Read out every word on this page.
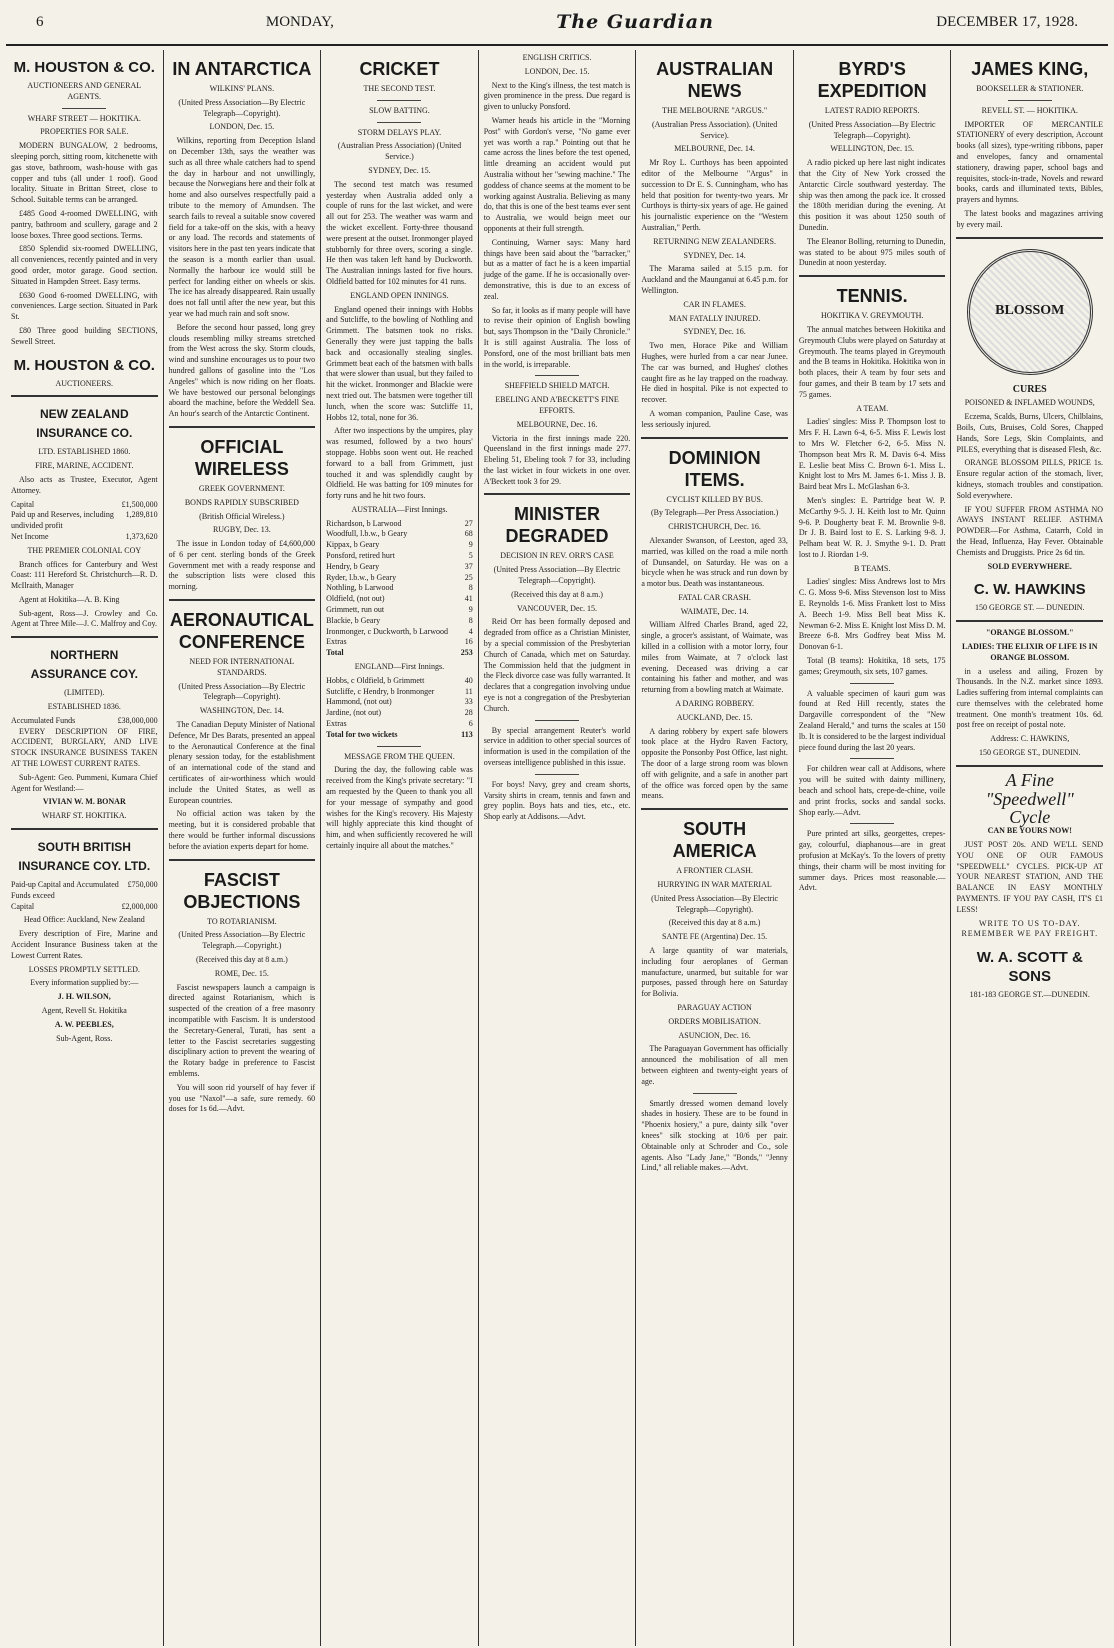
6	MONDAY,	The Guardian	DECEMBER 17, 1928.
M. HOUSTON & CO.
AUCTIONEERS AND GENERAL AGENTS.
WHARF STREET — HOKITIKA.
PROPERTIES FOR SALE.

MODERN BUNGALOW, 2 bedrooms, sleeping porch, sitting room, kitchenette with gas stove, bathroom, wash-house with gas copper and tubs (all under 1 roof). Good locality. Situate in Brittan Street, close to School. Suitable terms can be arranged.

£485 Good 4-roomed DWELLING, with pantry, bathroom and scullery, garage and 2 loose boxes. Three good sections. Terms.

£850 Splendid six-roomed DWELLING, all conveniences, recently painted and in very good order, motor garage. Good section. Situated in Hampden Street. Easy terms.

£630 Good 6-roomed DWELLING, with conveniences. Large section. Situated in Park St.

£80 Three good building SECTIONS, Sewell Street.

M. HOUSTON & CO.
AUCTIONEERS.
NEW ZEALAND INSURANCE CO.
LTD. ESTABLISHED 1860.
FIRE, MARINE, ACCIDENT.

Also acts as Trustee, Executor, Agent Attorney.

Capital	£1,500,000
Paid up and Reserves, including undivided profit
1,289,810
Net Income	1,373,620
THE PREMIER COLONIAL COY

Branch offices for Canterbury and West Coast: 111 Hereford St. Christchurch—R. D. McIlraith, Manager

Agent at Hokitika—A. B. King

Sub-agent, Ross—J. Crowley and Co. Agent at Three Mile—J. C. Malfroy and Coy.

NORTHERN ASSURANCE COY.
(LIMITED).
ESTABLISHED 1836.
Accumulated Funds	£38,000,000

EVERY DESCRIPTION OF FIRE, ACCIDENT, BURGLARY, AND LIVE STOCK INSURANCE BUSINESS TAKEN AT THE LOWEST CURRENT RATES.

Sub-Agent: Geo. Pummeni, Kumara Chief Agent for Westland:—

VIVIAN W. M. BONAR
WHARF ST. HOKITIKA.
SOUTH BRITISH INSURANCE COY. LTD.
Paid-up Capital and Accumulated Funds exceed
£750,000
Capital	£2,000,000
Head Office: Auckland, New Zealand

Every description of Fire, Marine and Accident Insurance Business taken at the Lowest Current Rates.

LOSSES PROMPTLY SETTLED.
Every information supplied by:—
J. H. WILSON,
Agent, Revell St. Hokitika
A. W. PEEBLES,
Sub-Agent, Ross.
IN ANTARCTICA
WILKINS' PLANS.
(United Press Association—By Electric Telegraph—Copyright).
LONDON, Dec. 15.

Wilkins, reporting from Deception Island on December 13th, says the weather was such as all three whale catchers had to spend the day in harbour and not unwillingly, because the Norwegians here and their folk at home and also ourselves respectfully paid a tribute to the memory of Amundsen. The search fails to reveal a suitable snow covered field for a take-off on the skis, with a heavy or any load. The records and statements of visitors here in the past ten years indicate that the season is a month earlier than usual. Normally the harbour ice would still be perfect for landing either on wheels or skis. The ice has already disappeared. Rain usually does not fall until after the new year, but this year we had much rain and soft snow.

Before the second hour passed, long grey clouds resembling milky streams stretched from the West across the sky. Storm clouds, wind and sunshine encourages us to pour two hundred gallons of gasoline into the "Los Angeles" which is now riding on her floats. We have bestowed our personal belongings aboard the machine, before the Weddell Sea. An hour's search of the Antarctic Continent.

OFFICIAL WIRELESS
GREEK GOVERNMENT.
BONDS RAPIDLY SUBSCRIBED
(British Official Wireless.)
RUGBY, Dec. 13.

The issue in London today of £4,600,000 of 6 per cent. sterling bonds of the Greek Government met with a ready response and the subscription lists were closed this morning.

AERONAUTICAL CONFERENCE
NEED FOR INTERNATIONAL STANDARDS.
(United Press Association—By Electric Telegraph—Copyright).
WASHINGTON, Dec. 14.

The Canadian Deputy Minister of National Defence, Mr Des Barats, presented an appeal to the Aeronautical Conference at the final plenary session today, for the establishment of an international code of the stand and certificates of air-worthiness which would include the United States, as well as European countries.

No official action was taken by the meeting, but it is considered probable that there would be further informal discussions before the aviation experts depart for home.

FASCIST OBJECTIONS
TO ROTARIANISM.
(United Press Association—By Electric Telegraph.—Copyright.)
(Received this day at 8 a.m.)
ROME, Dec. 15.

Fascist newspapers launch a campaign is directed against Rotarianism, which is suspected of the creation of a free masonry incompatible with Fascism. It is understood the Secretary-General, Turati, has sent a letter to the Fascist secretaries suggesting disciplinary action to prevent the wearing of the Rotary badge in preference to Fascist emblems.

You will soon rid yourself of hay fever if you use "Naxol"—a safe, sure remedy. 60 doses for 1s 6d.—Advt.

CRICKET
THE SECOND TEST.
SLOW BATTING.
STORM DELAYS PLAY.
(Australian Press Association) (United Service.)
SYDNEY, Dec. 15.

The second test match was resumed yesterday when Australia added only a couple of runs for the last wicket, and were all out for 253. The weather was warm and the wicket excellent. Forty-three thousand were present at the outset. Ironmonger played stubbornly for three overs, scoring a single. He then was taken left hand by Duckworth. The Australian innings lasted for five hours. Oldfield batted for 102 minutes for 41 runs.

ENGLAND OPEN INNINGS.

England opened their innings with Hobbs and Sutcliffe, to the bowling of Nothling and Grimmett. The batsmen took no risks. Generally they were just tapping the balls back and occasionally stealing singles. Grimmett beat each of the batsmen with balls that were slower than usual, but they failed to hit the wicket. Ironmonger and Blackie were next tried out. The batsmen were together till lunch, when the score was: Sutcliffe 11, Hobbs 12, total, none for 36.

After two inspections by the umpires, play was resumed, followed by a two hours' stoppage. Hobbs soon went out. He reached forward to a ball from Grimmett, just touched it and was splendidly caught by Oldfield. He was batting for 109 minutes for forty runs and he hit two fours.

AUSTRALIA—First Innings.
Richardson, b Larwood	27
Woodfull, l.b.w., b Geary	68
Kippax, b Geary	9
Ponsford, retired hurt	5
Hendry, b Geary	37
Ryder, l.b.w., b Geary	25
Nothling, b Larwood	8
Oldfield, (not out)	41
Grimmett, run out	9
Blackie, b Geary	8
Ironmonger, c Duckworth, b Larwood	4
Extras	16
Total	253
ENGLAND—First Innings.
Hobbs, c Oldfield, b Grimmett	40
Sutcliffe, c Hendry, b Ironmonger	11
Hammond, (not out)	33
Jardine, (not out)	28
Extras	6
Total for two wickets	113
MESSAGE FROM THE QUEEN.

During the day, the following cable was received from the King's private secretary: "I am requested by the Queen to thank you all for your message of sympathy and good wishes for the King's recovery. His Majesty will highly appreciate this kind thought of him, and when sufficiently recovered he will certainly inquire all about the matches."

ENGLISH CRITICS.
LONDON, Dec. 15.

Next to the King's illness, the test match is given prominence in the press. Due regard is given to unlucky Ponsford.

Warner heads his article in the "Morning Post" with Gordon's verse, "No game ever yet was worth a rap." Pointing out that he came across the lines before the test opened, little dreaming an accident would put Australia without her "sewing machine." The goddess of chance seems at the moment to be working against Australia. Believing as many do, that this is one of the best teams ever sent to Australia, we would beign meet our opponents at their full strength.

Continuing, Warner says: Many hard things have been said about the "barracker," but as a matter of fact he is a keen impartial judge of the game. If he is occasionally over-demonstrative, this is due to an excess of zeal.

So far, it looks as if many people will have to revise their opinion of English bowling but, says Thompson in the "Daily Chronicle." It is still against Australia. The loss of Ponsford, one of the most brilliant bats men in the world, is irreparable.

SHEFFIELD SHIELD MATCH.
EBELING AND A'BECKETT'S FINE EFFORTS.
MELBOURNE, Dec. 16.

Victoria in the first innings made 220. Queensland in the first innings made 277. Ebeling 51, Ebeling took 7 for 33, including the last wicket in four wickets in one over. A'Beckett took 3 for 29.

MINISTER DEGRADED
DECISION IN REV. ORR'S CASE
(United Press Association—By Electric Telegraph—Copyright).
(Received this day at 8 a.m.)
VANCOUVER, Dec. 15.

Reid Orr has been formally deposed and degraded from office as a Christian Minister, by a special commission of the Presbyterian Church of Canada, which met on Saturday. The Commission held that the judgment in the Fleck divorce case was fully warranted. It declares that a congregation involving undue eye is not a congregation of the Presbyterian Church.

By special arrangement Reuter's world service in addition to other special sources of information is used in the compilation of the overseas intelligence published in this issue.

For boys! Navy, grey and cream shorts, Varsity shirts in cream, tennis and fawn and grey poplin. Boys hats and ties, etc., etc. Shop early at Addisons.—Advt.

AUSTRALIAN NEWS
THE MELBOURNE "ARGUS."
(Australian Press Association). (United Service).
MELBOURNE, Dec. 14.

Mr Roy L. Curthoys has been appointed editor of the Melbourne "Argus" in succession to Dr E. S. Cunningham, who has held that position for twenty-two years. Mr Curthoys is thirty-six years of age. He gained his journalistic experience on the "Western Australian," Perth.

RETURNING NEW ZEALANDERS.
SYDNEY, Dec. 14.

The Marama sailed at 5.15 p.m. for Auckland and the Maunganui at 6.45 p.m. for Wellington.

CAR IN FLAMES.
MAN FATALLY INJURED.
SYDNEY, Dec. 16.

Two men, Horace Pike and William Hughes, were hurled from a car near Junee. The car was burned, and Hughes' clothes caught fire as he lay trapped on the roadway. He died in hospital. Pike is not expected to recover.

A woman companion, Pauline Case, was less seriously injured.

DOMINION ITEMS.
CYCLIST KILLED BY BUS.
(By Telegraph—Per Press Association.)
CHRISTCHURCH, Dec. 16.

Alexander Swanson, of Leeston, aged 33, married, was killed on the road a mile north of Dunsandel, on Saturday. He was on a bicycle when he was struck and run down by a motor bus. Death was instantaneous.

FATAL CAR CRASH.
WAIMATE, Dec. 14.

William Alfred Charles Brand, aged 22, single, a grocer's assistant, of Waimate, was killed in a collision with a motor lorry, four miles from Waimate, at 7 o'clock last evening. Deceased was driving a car containing his father and mother, and was returning from a bowling match at Waimate.

A DARING ROBBERY.
AUCKLAND, Dec. 15.

A daring robbery by expert safe blowers took place at the Hydro Raven Factory, opposite the Ponsonby Post Office, last night. The door of a large strong room was blown off with gelignite, and a safe in another part of the office was forced open by the same means.

SOUTH AMERICA
A FRONTIER CLASH.
HURRYING IN WAR MATERIAL
(United Press Association—By Electric Telegraph—Copyright).
(Received this day at 8 a.m.)
SANTE FE (Argentina) Dec. 15.

A large quantity of war materials, including four aeroplanes of German manufacture, unarmed, but suitable for war purposes, passed through here on Saturday for Bolivia.

PARAGUAY ACTION
ORDERS MOBILISATION.
ASUNCION, Dec. 16.

The Paraguayan Government has officially announced the mobilisation of all men between eighteen and twenty-eight years of age.

Smartly dressed women demand lovely shades in hosiery. These are to be found in "Phoenix hosiery," a pure, dainty silk "over knees" silk stocking at 10/6 per pair. Obtainable only at Schroder and Co., sole agents. Also "Lady Jane," "Bonds," "Jenny Lind," all reliable makes.—Advt.

BYRD'S EXPEDITION
LATEST RADIO REPORTS.
(United Press Association—By Electric Telegraph—Copyright).
WELLINGTON, Dec. 15.

A radio picked up here last night indicates that the City of New York crossed the Antarctic Circle southward yesterday. The ship was then among the pack ice. It crossed the 180th meridian during the evening. At this position it was about 1250 south of Dunedin.

The Eleanor Bolling, returning to Dunedin, was stated to be about 975 miles south of Dunedin at noon yesterday.

TENNIS.
HOKITIKA V. GREYMOUTH.

The annual matches between Hokitika and Greymouth Clubs were played on Saturday at Greymouth. The teams played in Greymouth and the B teams in Hokitika. Hokitika won in both places, their A team by four sets and four games, and their B team by 17 sets and 75 games.

A TEAM.

Ladies' singles: Miss P. Thompson lost to Mrs F. H. Lawn 6-4, 6-5. Miss F. Lewis lost to Mrs W. Fletcher 6-2, 6-5. Miss N. Thompson beat Mrs R. M. Davis 6-4. Miss E. Leslie beat Miss C. Brown 6-1. Miss L. Knight lost to Mrs M. James 6-1. Miss J. B. Baird beat Mrs L. McGlashan 6-3.

Men's singles: E. Partridge beat W. P. McCarthy 9-5. J. H. Keith lost to Mr. Quinn 9-6. P. Dougherty beat F. M. Brownlie 9-8. Dr J. B. Baird lost to E. S. Larking 9-8. J. Pelham beat W. R. J. Smythe 9-1. D. Pratt lost to J. Riordan 1-9.

B TEAMS.

Ladies' singles: Miss Andrews lost to Mrs C. G. Moss 9-6. Miss Stevenson lost to Miss E. Reynolds 1-6. Miss Frankett lost to Miss A. Beech 1-9. Miss Bell beat Miss K. Newman 6-2. Miss E. Knight lost Miss D. M. Breeze 6-8. Mrs Godfrey beat Miss M. Donovan 6-1.

Total (B teams): Hokitika, 18 sets, 175 games; Greymouth, six sets, 107 games.

A valuable specimen of kauri gum was found at Red Hill recently, states the Dargaville correspondent of the "New Zealand Herald," and turns the scales at 150 lb. It is considered to be the largest individual piece found during the last 20 years.

For children wear call at Addisons, where you will be suited with dainty millinery, beach and school hats, crepe-de-chine, voile and print frocks, socks and sandal socks. Shop early.—Advt.

Pure printed art silks, georgettes, crepes-gay, colourful, diaphanous—are in great profusion at McKay's. To the lovers of pretty things, their charm will be most inviting for summer days. Prices most reasonable.—Advt.

JAMES KING,
BOOKSELLER & STATIONER.
REVELL ST. — HOKITIKA.

IMPORTER OF MERCANTILE STATIONERY of every description, Account books (all sizes), type-writing ribbons, paper and envelopes, fancy and ornamental stationery, drawing paper, school bags and requisites, stock-in-trade, Novels and reward books, cards and illuminated texts, Bibles, prayers and hymns.

The latest books and magazines arriving by every mail.

BLOSSOM
CURES
POISONED & INFLAMED WOUNDS,

Eczema, Scalds, Burns, Ulcers, Chilblains, Boils, Cuts, Bruises, Cold Sores, Chapped Hands, Sore Legs, Skin Complaints, and PILES, everything that is diseased Flesh, &c.

ORANGE BLOSSOM PILLS, PRICE 1s. Ensure regular action of the stomach, liver, kidneys, stomach troubles and constipation. Sold everywhere.

IF YOU SUFFER FROM ASTHMA NO AWAYS INSTANT RELIEF. ASTHMA POWDER—For Asthma, Catarrh, Cold in the Head, Influenza, Hay Fever. Obtainable Chemists and Druggists. Price 2s 6d tin.

SOLD EVERYWHERE.
C. W. HAWKINS
150 GEORGE ST. — DUNEDIN.
"ORANGE BLOSSOM."
LADIES: THE ELIXIR OF LIFE IS IN ORANGE BLOSSOM.

in a useless and ailing, Frozen by Thousands. In the N.Z. market since 1893. Ladies suffering from internal complaints can cure themselves with the celebrated home treatment. One month's treatment 10s. 6d. post free on receipt of postal note.

Address: C. HAWKINS,
150 GEORGE ST., DUNEDIN.
A Fine
"Speedwell"
Cycle
CAN BE YOURS NOW!

JUST POST 20s. AND WE'LL SEND YOU ONE OF OUR FAMOUS "SPEEDWELL" CYCLES. PICK-UP AT YOUR NEAREST STATION, AND THE BALANCE IN EASY MONTHLY PAYMENTS. IF YOU PAY CASH, IT'S £1 LESS!

WRITE TO US TO-DAY. REMEMBER WE PAY FREIGHT.
W. A. SCOTT & SONS
181-183 GEORGE ST.—DUNEDIN.
